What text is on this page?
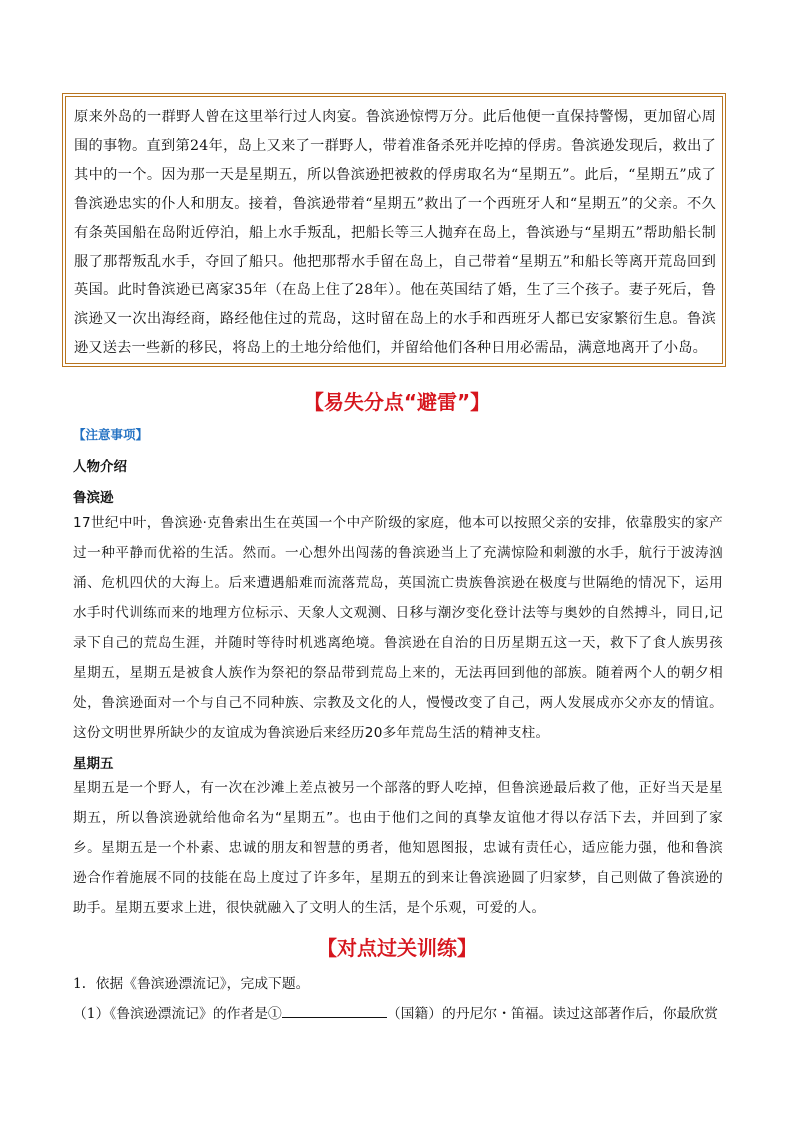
原来外岛的一群野人曾在这里举行过人肉宴。鲁滨逊惊愕万分。此后他便一直保持警惕，更加留心周围的事物。直到第24年，岛上又来了一群野人，带着准备杀死并吃掉的俘虏。鲁滨逊发现后，救出了其中的一个。因为那一天是星期五，所以鲁滨逊把被救的俘虏取名为“星期五”。此后，“星期五”成了鲁滨逊忠实的仆人和朋友。接着，鲁滨逊带着“星期五”救出了一个西班牙人和“星期五”的父亲。不久有条英国船在岛附近停泊，船上水手叛乱，把船长等三人抛弃在岛上，鲁滨逊与“星期五”帮助船长制服了那帮叛乱水手，夺回了船只。他把那帮水手留在岛上，自己带着“星期五”和船长等离开荒岛回到英国。此时鲁滨逊已离家35年（在岛上住了28年）。他在英国结了婚，生了三个孩子。妻子死后，鲁滨逊又一次出海经商，路经他住过的荒岛，这时留在岛上的水手和西班牙人都已安家繁衍生息。鲁滨逊又送去一些新的移民，将岛上的土地分给他们，并留给他们各种日用必需品，满意地离开了小岛。

【易失分点“避雷”】

【注意事项】

人物介绍

鲁滨逊

17世纪中叶，鲁滨逊·克鲁索出生在英国一个中产阶级的家庭，他本可以按照父亲的安排，依靠殷实的家产过一种平静而优裕的生活。然而。一心想外出闯荡的鲁滨逊当上了充满惊险和刺激的水手，航行于波涛汹涌、危机四伏的大海上。后来遭遇船难而流落荒岛，英国流亡贵族鲁滨逊在极度与世隔绝的情况下，运用水手时代训练而来的地理方位标示、天象人文观测、日移与潮汐变化登计法等与奥妙的自然搏斗，同日,记录下自己的荒岛生涯，并随时等待时机逃离绝境。鲁滨逊在自治的日历星期五这一天，救下了食人族男孩星期五，星期五是被食人族作为祭祀的祭品带到荒岛上来的，无法再回到他的部族。随着两个人的朝夕相处，鲁滨逊面对一个与自己不同种族、宗教及文化的人，慢慢改变了自己，两人发展成亦父亦友的情谊。这份文明世界所缺少的友谊成为鲁滨逊后来经历20多年荒岛生活的精神支柱。

星期五

星期五是一个野人，有一次在沙滩上差点被另一个部落的野人吃掉，但鲁滨逊最后救了他，正好当天是星期五，所以鲁滨逊就给他命名为“星期五”。也由于他们之间的真挚友谊他才得以存活下去，并回到了家乡。星期五是一个朴素、忠诚的朋友和智慧的勇者，他知恩图报，忠诚有责任心，适应能力强，他和鲁滨逊合作着施展不同的技能在岛上度过了许多年，星期五的到来让鲁滨逊圆了归家梦，自己则做了鲁滨逊的助手。星期五要求上进，很快就融入了文明人的生活，是个乐观，可爱的人。

【对点过关训练】

1．依据《鲁滨逊漂流记》，完成下题。

（1）《鲁滨逊漂流记》的作者是①	（国籍）的丹尼尔・笛福。读过这部著作后，你最欣赏
